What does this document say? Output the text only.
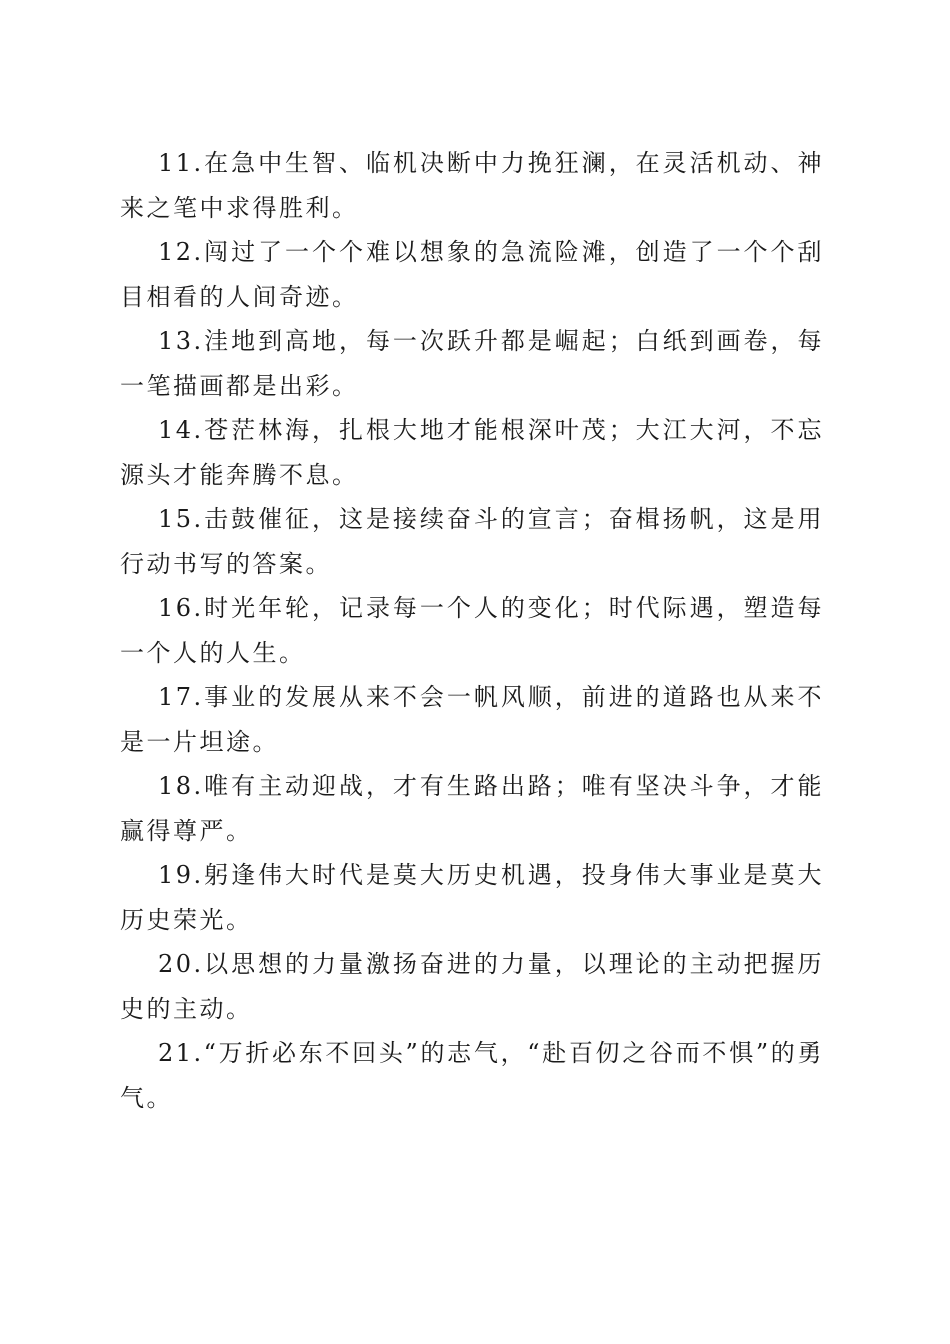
11.在急中生智、临机决断中力挽狂澜，在灵活机动、神来之笔中求得胜利。

12.闯过了一个个难以想象的急流险滩，创造了一个个刮目相看的人间奇迹。

13.洼地到高地，每一次跃升都是崛起；白纸到画卷，每一笔描画都是出彩。

14.苍茫林海，扎根大地才能根深叶茂；大江大河，不忘源头才能奔腾不息。

15.击鼓催征，这是接续奋斗的宣言；奋楫扬帆，这是用行动书写的答案。

16.时光年轮，记录每一个人的变化；时代际遇，塑造每一个人的人生。

17.事业的发展从来不会一帆风顺，前进的道路也从来不是一片坦途。

18.唯有主动迎战，才有生路出路；唯有坚决斗争，才能赢得尊严。

19.躬逢伟大时代是莫大历史机遇，投身伟大事业是莫大历史荣光。

20.以思想的力量激扬奋进的力量，以理论的主动把握历史的主动。

21.“万折必东不回头”的志气，“赴百仞之谷而不惧”的勇气。
